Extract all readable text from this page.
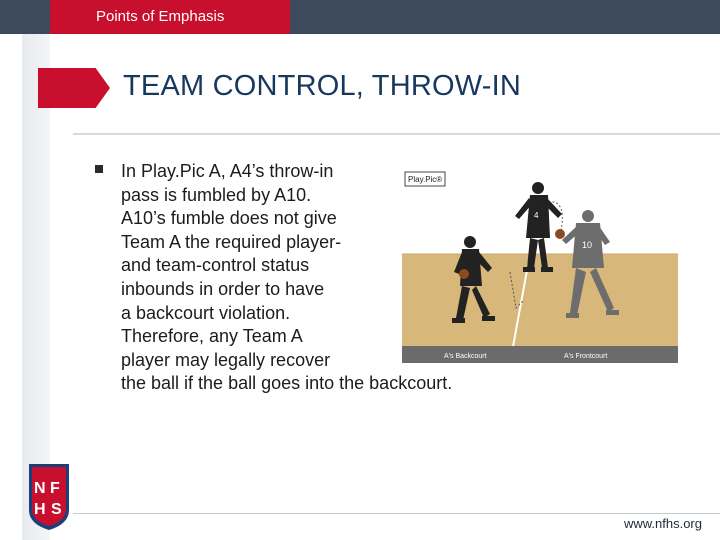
Points of Emphasis
TEAM CONTROL, THROW-IN
In Play.Pic A, A4’s throw-in
pass is fumbled by A10.
A10’s fumble does not give
Team A the required player-
and team-control status
inbounds in order to have
a backcourt violation.
Therefore, any Team A
player may legally recover
the ball if the ball goes into the backcourt.
A's Backcourt	A's Frontcourt
Play.Pic®
4
10
www.nfhs.org
N F
H S
